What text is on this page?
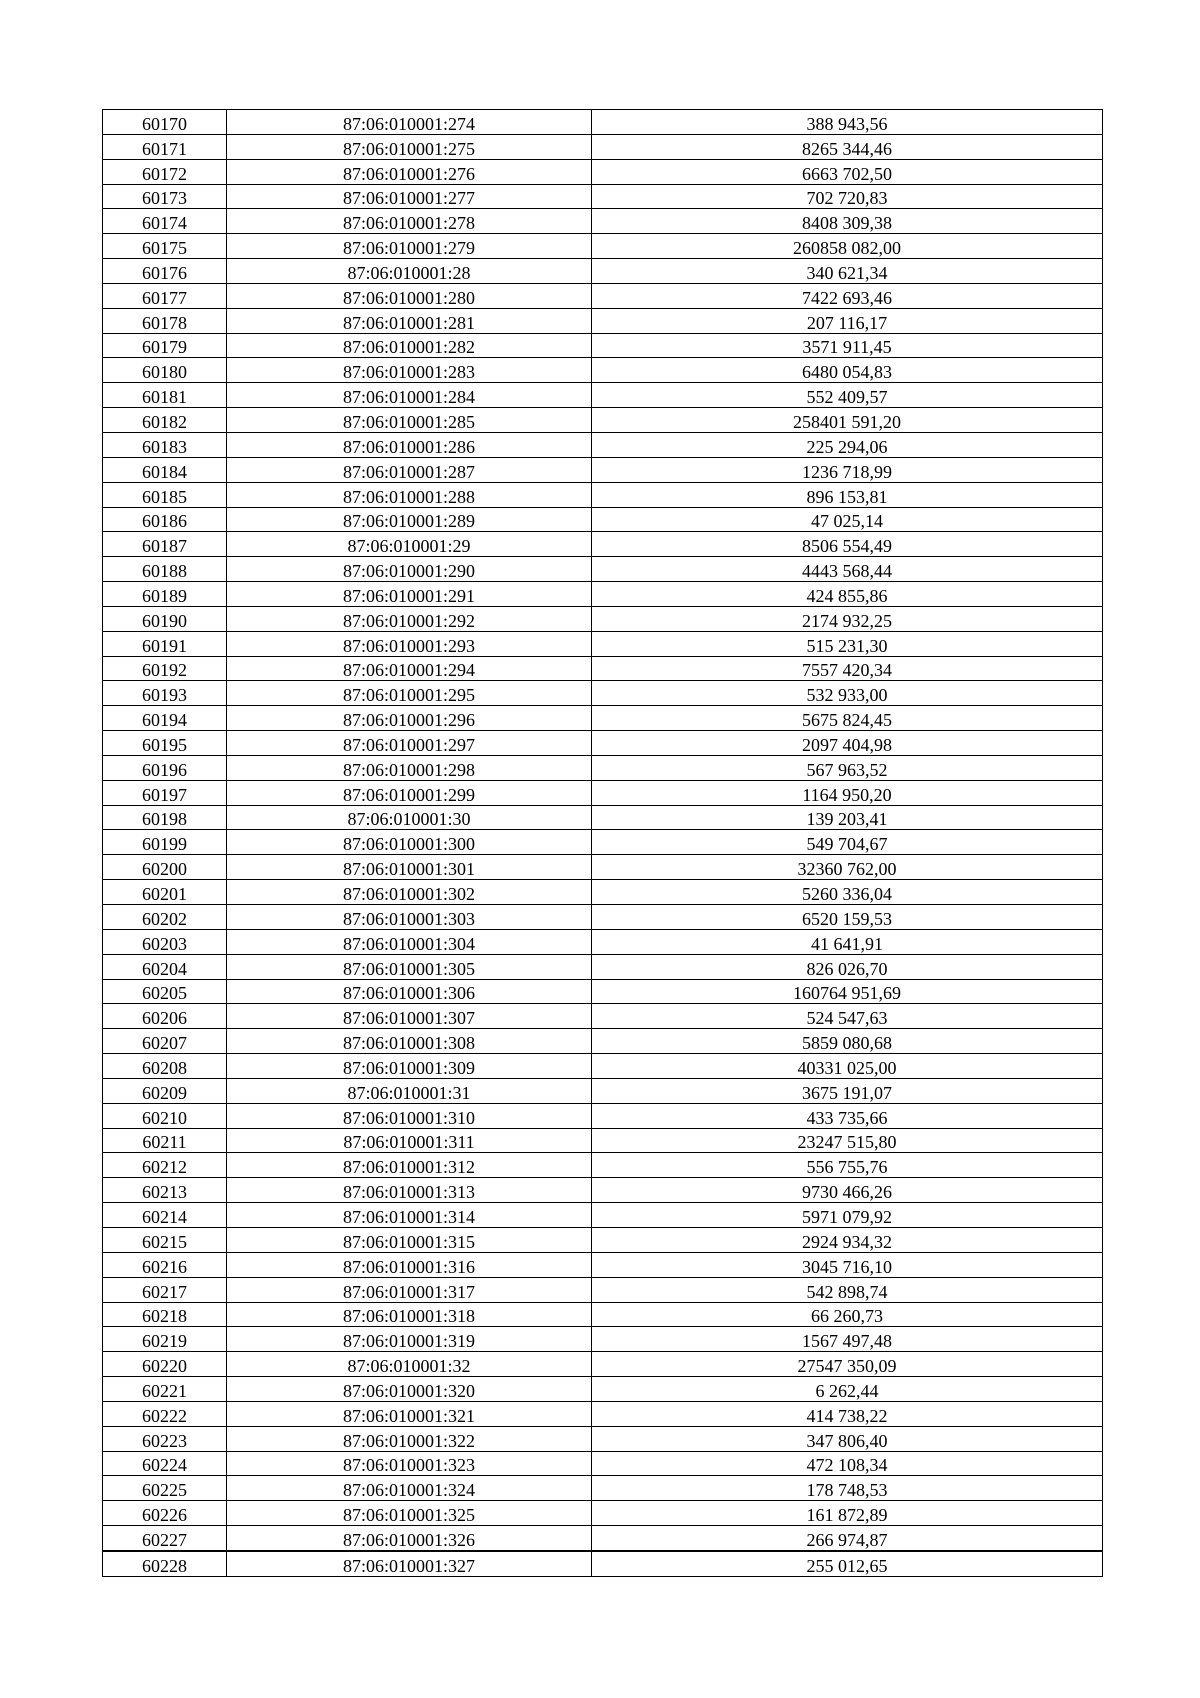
60170	87:06:010001:274	388 943,56
60171	87:06:010001:275	8265 344,46
60172	87:06:010001:276	6663 702,50
60173	87:06:010001:277	702 720,83
60174	87:06:010001:278	8408 309,38
60175	87:06:010001:279	260858 082,00
60176	87:06:010001:28	340 621,34
60177	87:06:010001:280	7422 693,46
60178	87:06:010001:281	207 116,17
60179	87:06:010001:282	3571 911,45
60180	87:06:010001:283	6480 054,83
60181	87:06:010001:284	552 409,57
60182	87:06:010001:285	258401 591,20
60183	87:06:010001:286	225 294,06
60184	87:06:010001:287	1236 718,99
60185	87:06:010001:288	896 153,81
60186	87:06:010001:289	47 025,14
60187	87:06:010001:29	8506 554,49
60188	87:06:010001:290	4443 568,44
60189	87:06:010001:291	424 855,86
60190	87:06:010001:292	2174 932,25
60191	87:06:010001:293	515 231,30
60192	87:06:010001:294	7557 420,34
60193	87:06:010001:295	532 933,00
60194	87:06:010001:296	5675 824,45
60195	87:06:010001:297	2097 404,98
60196	87:06:010001:298	567 963,52
60197	87:06:010001:299	1164 950,20
60198	87:06:010001:30	139 203,41
60199	87:06:010001:300	549 704,67
60200	87:06:010001:301	32360 762,00
60201	87:06:010001:302	5260 336,04
60202	87:06:010001:303	6520 159,53
60203	87:06:010001:304	41 641,91
60204	87:06:010001:305	826 026,70
60205	87:06:010001:306	160764 951,69
60206	87:06:010001:307	524 547,63
60207	87:06:010001:308	5859 080,68
60208	87:06:010001:309	40331 025,00
60209	87:06:010001:31	3675 191,07
60210	87:06:010001:310	433 735,66
60211	87:06:010001:311	23247 515,80
60212	87:06:010001:312	556 755,76
60213	87:06:010001:313	9730 466,26
60214	87:06:010001:314	5971 079,92
60215	87:06:010001:315	2924 934,32
60216	87:06:010001:316	3045 716,10
60217	87:06:010001:317	542 898,74
60218	87:06:010001:318	66 260,73
60219	87:06:010001:319	1567 497,48
60220	87:06:010001:32	27547 350,09
60221	87:06:010001:320	6 262,44
60222	87:06:010001:321	414 738,22
60223	87:06:010001:322	347 806,40
60224	87:06:010001:323	472 108,34
60225	87:06:010001:324	178 748,53
60226	87:06:010001:325	161 872,89
60227	87:06:010001:326	266 974,87
60228	87:06:010001:327	255 012,65
